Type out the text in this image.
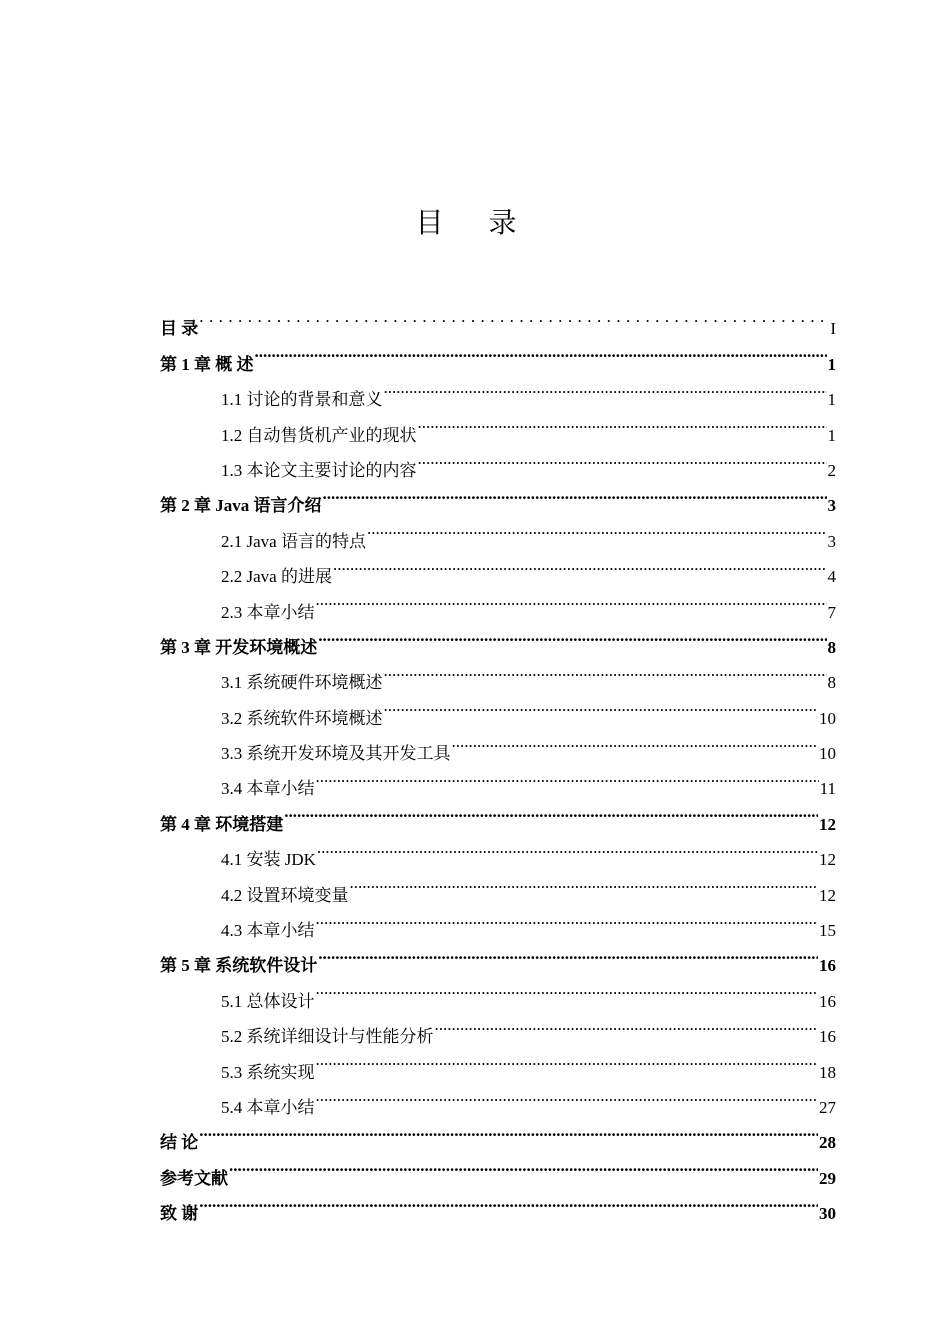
目 录
目 录 . . .	I
第 1 章 概 述 .....	1
1.1 讨论的背景和意义 .....	1
1.2 自动售货机产业的现状 .....	1
1.3 本论文主要讨论的内容 .....	2
第 2 章 Java 语言介绍 .....	3
2.1 Java 语言的特点 .....	3
2.2 Java 的进展 .....	4
2.3 本章小结 .....	7
第 3 章 开发环境概述 .....	8
3.1 系统硬件环境概述 .....	8
3.2 系统软件环境概述 .....	10
3.3 系统开发环境及其开发工具 .....	10
3.4 本章小结 .....	11
第 4 章 环境搭建 .....	12
4.1 安装 JDK .....	12
4.2 设置环境变量 .....	12
4.3 本章小结 .....	15
第 5 章 系统软件设计 .....	16
5.1 总体设计 .....	16
5.2 系统详细设计与性能分析 .....	16
5.3 系统实现 .....	18
5.4 本章小结 .....	27
结 论 .....	28
参考文献 .....	29
致 谢 .....	30
